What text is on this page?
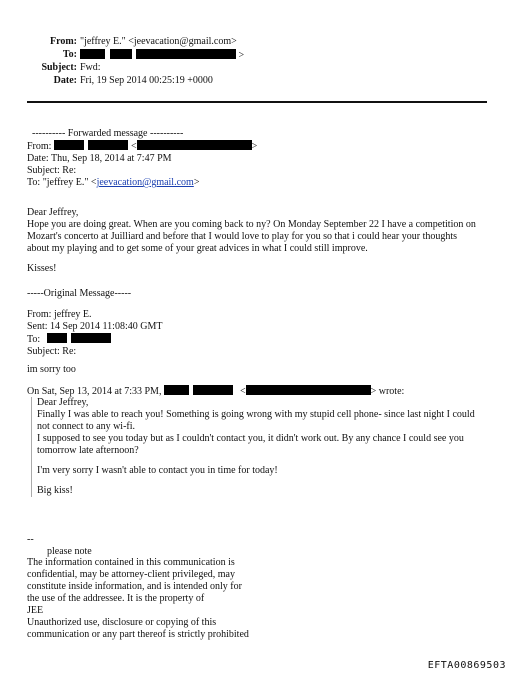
From: "jeffrey E." <jeevacation@gmail.com>
To:	>
Subject: Fwd:
Date: Fri, 19 Sep 2014 00:25:19 +0000
---------- Forwarded message ----------
From:	<	>
Date: Thu, Sep 18, 2014 at 7:47 PM
Subject: Re:
To: "jeffrey E." <jeevacation@gmail.com>
Dear Jeffrey,
Hope you are doing great. When are you coming back to ny? On Monday September 22 I have a competition on
Mozart's concerto at Juilliard and before that I would love to play for you so that i could hear your thoughts
about my playing and to get some of your great advices in what I could still improve.
Kisses!
-----Original Message-----
From: jeffrey E.
Sent: 14 Sep 2014 11:08:40 GMT
To:
Subject: Re:
im sorry too
On Sat, Sep 13, 2014 at 7:33 PM,	<	> wrote:
Dear Jeffrey,
Finally I was able to reach you! Something is going wrong with my stupid cell phone- since last night I could
not connect to any wi-fi.
I supposed to see you today but as I couldn't contact you, it didn't work out. By any chance I could see you
tomorrow late afternoon?
I'm very sorry I wasn't able to contact you in time for today!
Big kiss!
--
please note
The information contained in this communication is
confidential, may be attorney-client privileged, may
constitute inside information, and is intended only for
the use of the addressee. It is the property of
JEE
Unauthorized use, disclosure or copying of this
communication or any part thereof is strictly prohibited
EFTA00869503
